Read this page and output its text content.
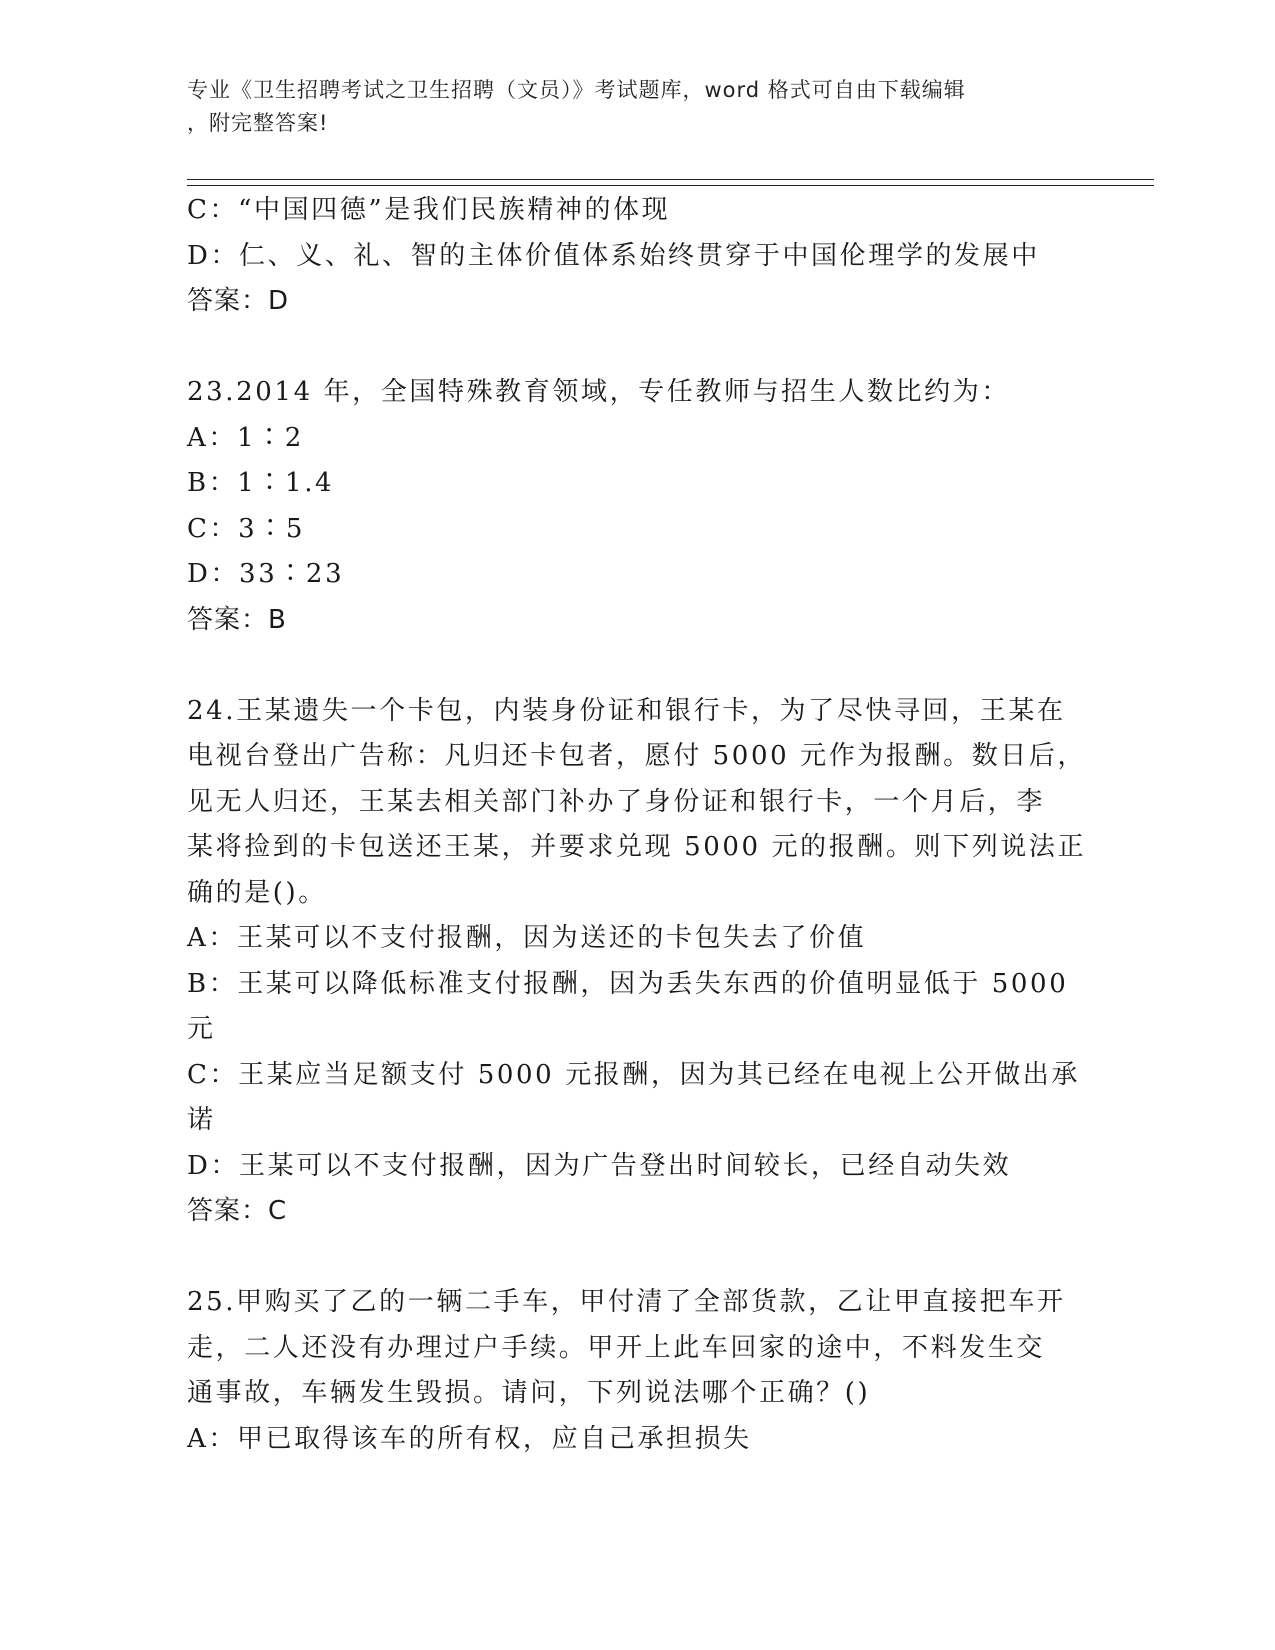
专业《卫生招聘考试之卫生招聘（文员）》考试题库，word 格式可自由下载编辑
，附完整答案!
C：“中国四德”是我们民族精神的体现
D：仁、义、礼、智的主体价值体系始终贯穿于中国伦理学的发展中
答案：D
23.2014 年，全国特殊教育领域，专任教师与招生人数比约为：
A：1∶2
B：1∶1.4
C：3∶5
D：33∶23
答案：B
24.王某遗失一个卡包，内装身份证和银行卡，为了尽快寻回，王某在
电视台登出广告称：凡归还卡包者，愿付 5000 元作为报酬。数日后，
见无人归还，王某去相关部门补办了身份证和银行卡，一个月后，李
某将捡到的卡包送还王某，并要求兑现 5000 元的报酬。则下列说法正
确的是()。
A：王某可以不支付报酬，因为送还的卡包失去了价值
B：王某可以降低标准支付报酬，因为丢失东西的价值明显低于 5000
元
C：王某应当足额支付 5000 元报酬，因为其已经在电视上公开做出承
诺
D：王某可以不支付报酬，因为广告登出时间较长，已经自动失效
答案：C
25.甲购买了乙的一辆二手车，甲付清了全部货款，乙让甲直接把车开
走，二人还没有办理过户手续。甲开上此车回家的途中，不料发生交
通事故，车辆发生毁损。请问，下列说法哪个正确？()
A：甲已取得该车的所有权，应自己承担损失
